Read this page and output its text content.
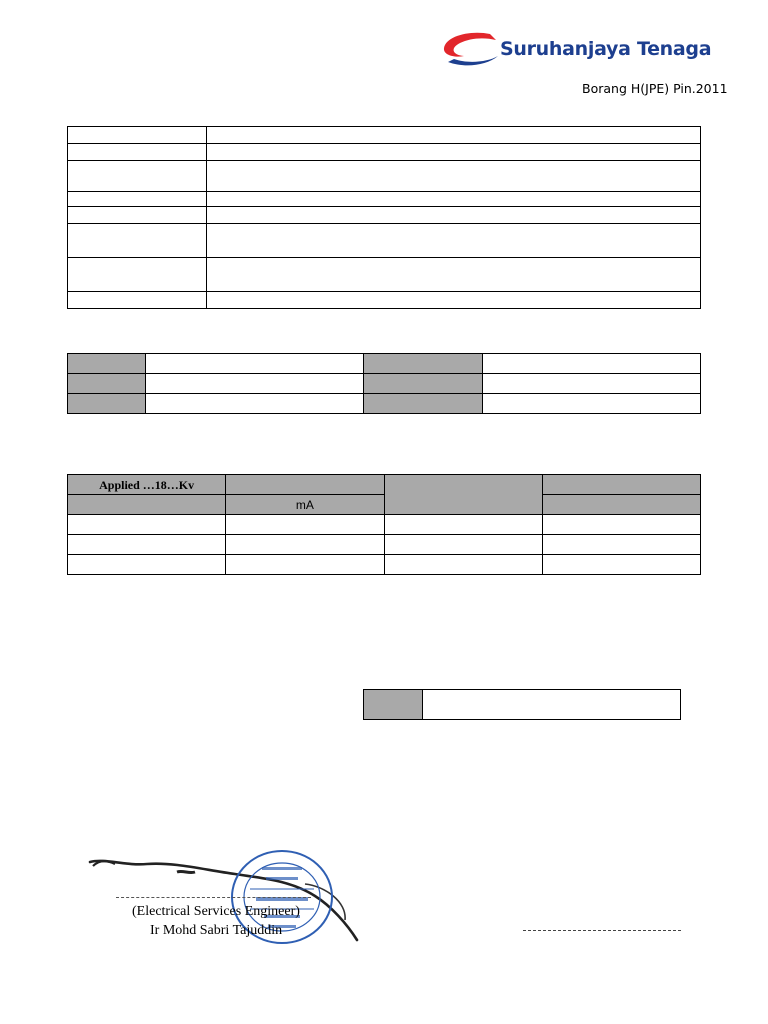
Suruhanjaya Tenaga
Borang H(JPE) Pin.2011

Applied …18…Kv			
	mA		

(Electrical Services Engineer)
Ir Mohd Sabri Tajuddin
